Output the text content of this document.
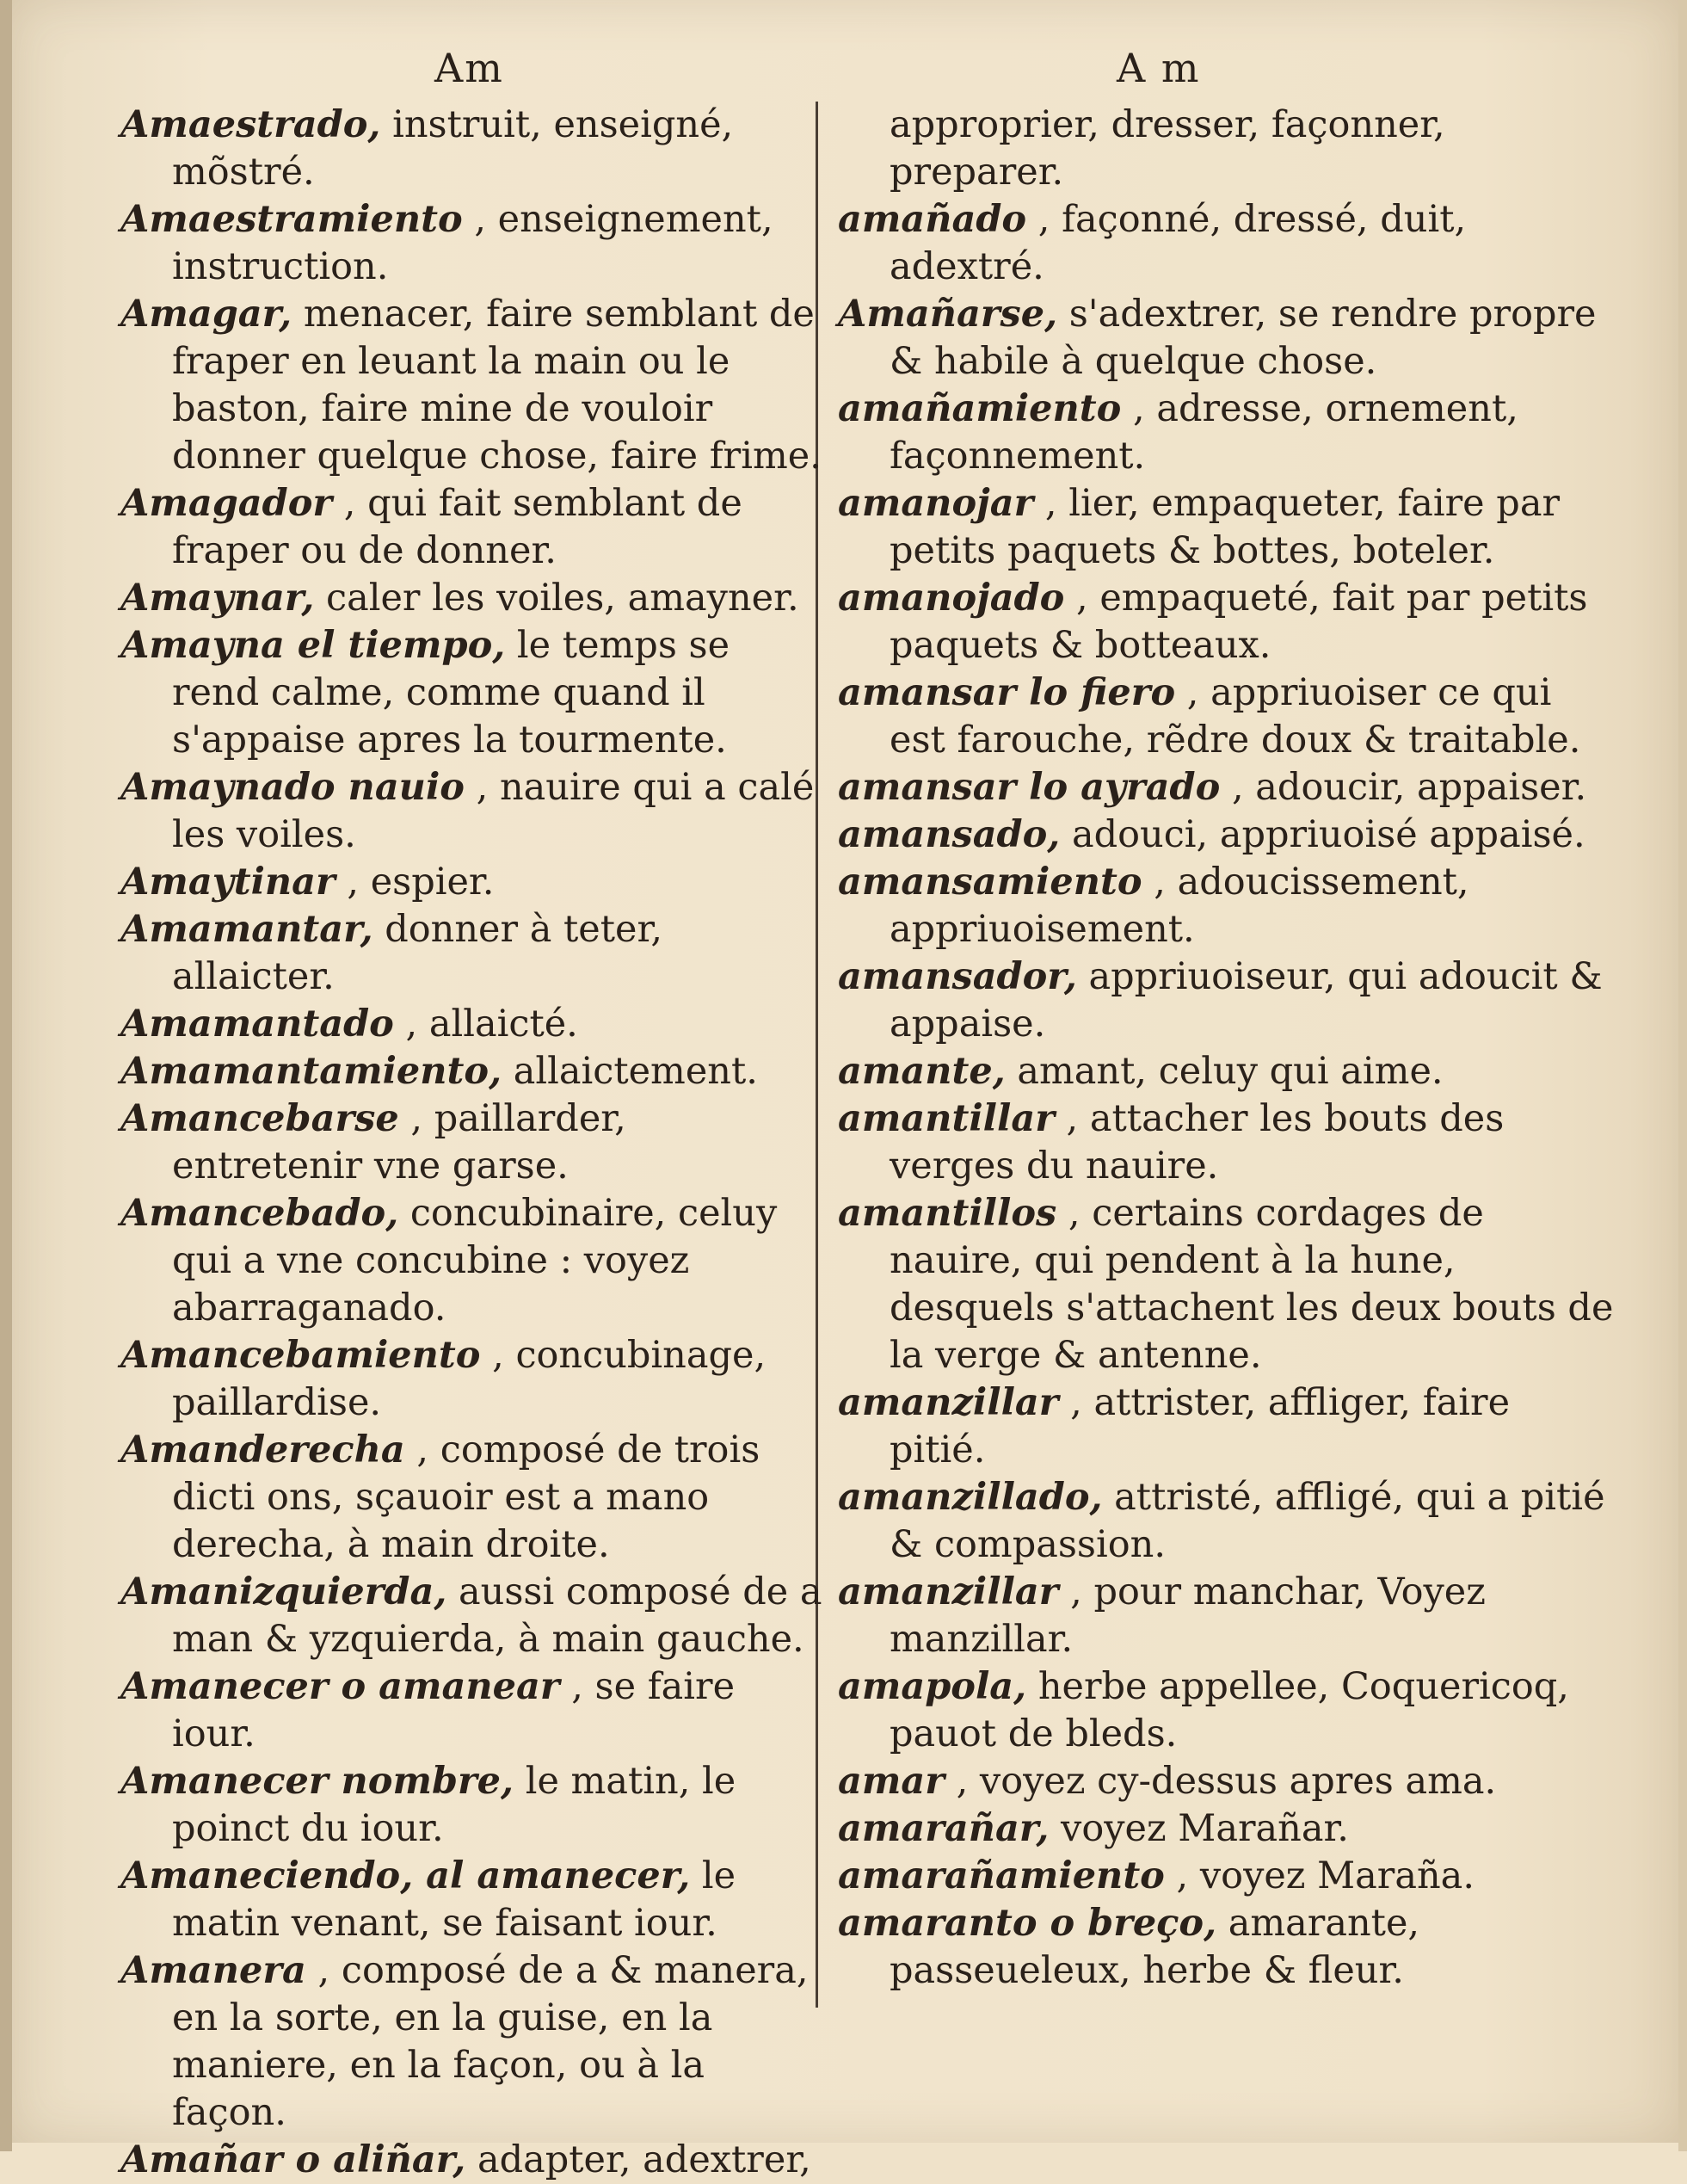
Am	A m

Amaestrado, instruit, enseigné, mõstré.

Amaestramiento , enseignement, instruction.

Amagar, menacer, faire semblant de fraper en leuant la main ou le baston, faire mine de vouloir donner quelque chose, faire frime.

Amagador , qui fait semblant de fraper ou de donner.

Amaynar, caler les voiles, amayner.

Amayna el tiempo, le temps se rend calme, comme quand il s'appaise apres la tourmente.

Amaynado nauio , nauire qui a calé les voiles.

Amaytinar , espier.

Amamantar, donner à teter, allaicter.

Amamantado , allaicté.

Amamantamiento, allaictement.

Amancebarse , paillarder, entretenir vne garse.

Amancebado, concubinaire, celuy qui a vne concubine : voyez abarraganado.

Amancebamiento , concubinage, paillardise.

Amanderecha , composé de trois dicti ons, sçauoir est a mano derecha, à main droite.

Amanizquierda, aussi composé de a man & yzquierda, à main gauche.

Amanecer o amanear , se faire iour.

Amanecer nombre, le matin, le poinct du iour.

Amaneciendo, al amanecer, le matin venant, se faisant iour.

Amanera , composé de a & manera, en la sorte, en la guise, en la maniere, en la façon, ou à la façon.

Amañar o aliñar, adapter, adextrer,

approprier, dresser, façonner, preparer.

amañado , façonné, dressé, duit, adextré.

Amañarse, s'adextrer, se rendre propre & habile à quelque chose.

amañamiento , adresse, ornement, façonnement.

amanojar , lier, empaqueter, faire par petits paquets & bottes, boteler.

amanojado , empaqueté, fait par petits paquets & botteaux.

amansar lo fiero , appriuoiser ce qui est farouche, rẽdre doux & traitable.

amansar lo ayrado , adoucir, appaiser.

amansado, adouci, appriuoisé appaisé.

amansamiento , adoucissement, appriuoisement.

amansador, appriuoiseur, qui adoucit & appaise.

amante, amant, celuy qui aime.

amantillar , attacher les bouts des verges du nauire.

amantillos , certains cordages de nauire, qui pendent à la hune, desquels s'attachent les deux bouts de la verge & antenne.

amanzillar , attrister, affliger, faire pitié.

amanzillado, attristé, affligé, qui a pitié & compassion.

amanzillar , pour manchar, Voyez manzillar.

amapola, herbe appellee, Coquericoq, pauot de bleds.

amar , voyez cy-dessus apres ama.

amarañar, voyez Marañar.

amarañamiento , voyez Maraña.

amaranto o breço, amarante, passeueleux, herbe & fleur.
